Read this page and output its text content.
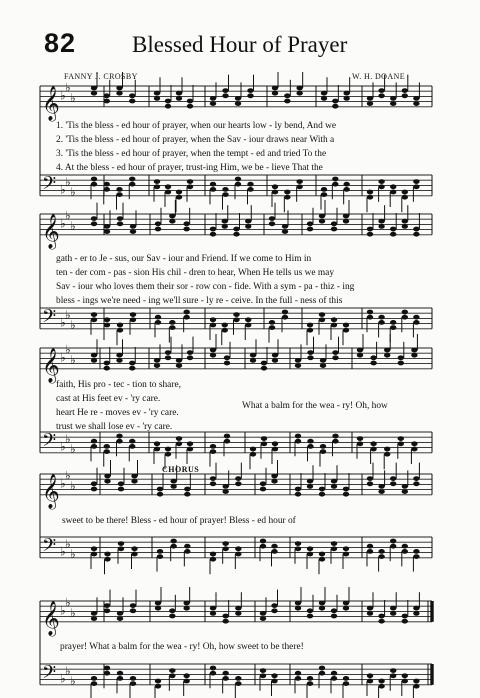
82 Blessed Hour of Prayer
FANNY J. CROSBY	W. H. DOANE
𝄞
𝄢
♭
♭
♭
♭
♭
♭
𝄞
𝄢
♭
♭
♭
♭
♭
♭
𝄞
𝄢
♭
♭
♭
♭
♭
♭
𝄞
𝄢
♭
♭
♭
♭
♭
♭
𝄞
𝄢
♭
♭
♭
♭
♭
♭
1. 'Tis the bless - ed hour of prayer, when our hearts low - ly bend, And we
2. 'Tis the bless - ed hour of prayer, when the Sav - iour draws near With a
3. 'Tis the bless - ed hour of prayer, when the tempt - ed and tried To the
4. At the bless - ed hour of prayer, trust-ing Him, we be - lieve That the
gath - er to Je - sus, our Sav - iour and Friend. If we come to Him in
ten - der com - pas - sion His chil - dren to hear, When He tells us we may
Sav - iour who loves them their sor - row con - fide. With a sym - pa - thiz - ing
bless - ings we're need - ing we'll sure - ly re - ceive. In the full - ness of this
faith, His pro - tec - tion to share,
cast at His feet ev - 'ry care.
heart He re - moves ev - 'ry care.
trust we shall lose ev - 'ry care.
What a balm for the wea - ry! Oh, how
CHORUS
sweet to be there! Bless - ed hour of prayer! Bless - ed hour of
prayer! What a balm for the wea - ry! Oh, how sweet to be there!
